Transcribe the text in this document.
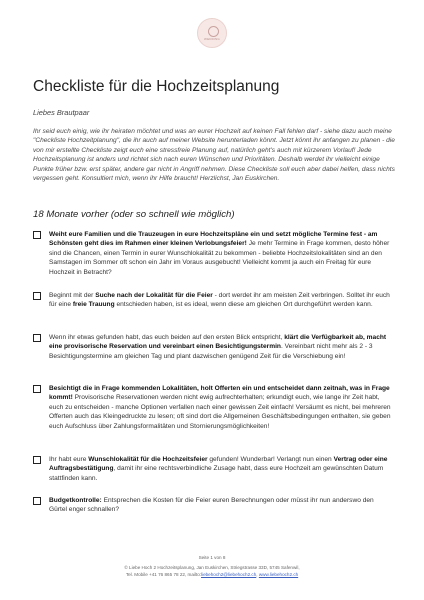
WEDDING
Checkliste für die Hochzeitsplanung
Liebes Brautpaar

Ihr seid euch einig, wie ihr heiraten möchtet und was an eurer Hochzeit auf keinen Fall fehlen darf - siehe dazu auch meine "Checkliste Hochzeitplanung", die ihr auch auf meiner Website herunterladen könnt. Jetzt könnt ihr anfangen zu planen - die von mir erstellte Checkliste zeigt euch eine stressfreie Planung auf, natürlich geht's auch mit kürzerem Vorlauf! Jede Hochzeitsplanung ist anders und richtet sich nach euren Wünschen und Prioritäten. Deshalb werdet ihr vielleicht einige Punkte früher bzw. erst später, andere gar nicht in Angriff nehmen. Diese Checkliste soll euch aber dabei helfen, dass nichts vergessen geht. Konsultiert mich, wenn ihr Hilfe braucht! Herzlichst, Jan Euskirchen.

18 Monate vorher (oder so schnell wie möglich)
Weiht eure Familien und die Trauzeugen in eure Hochzeitspläne ein und setzt mögliche Termine fest - am Schönsten geht dies im Rahmen einer kleinen Verlobungsfeier! Je mehr Termine in Frage kommen, desto höher sind die Chancen, einen Termin in eurer Wunschlokalität zu bekommen - beliebte Hochzeitslokalitäten sind an den Samstagen im Sommer oft schon ein Jahr im Voraus ausgebucht! Vielleicht kommt ja auch ein Freitag für eure Hochzeit in Betracht?
Beginnt mit der Suche nach der Lokalität für die Feier - dort werdet ihr am meisten Zeit verbringen. Solltet ihr euch für eine freie Trauung entschieden haben, ist es ideal, wenn diese am gleichen Ort durchgeführt werden kann.
Wenn ihr etwas gefunden habt, das euch beiden auf den ersten Blick entspricht, klärt die Verfügbarkeit ab, macht eine provisorische Reservation und vereinbart einen Besichtigungstermin. Vereinbart nicht mehr als 2 - 3 Besichtigungstermine am gleichen Tag und plant dazwischen genügend Zeit für die Verschiebung ein!
Besichtigt die in Frage kommenden Lokalitäten, holt Offerten ein und entscheidet dann zeitnah, was in Frage kommt! Provisorische Reservationen werden nicht ewig aufrechterhalten; erkundigt euch, wie lange ihr Zeit habt, euch zu entscheiden - manche Optionen verfallen nach einer gewissen Zeit einfach! Versäumt es nicht, bei mehreren Offerten auch das Kleingedruckte zu lesen; oft sind dort die Allgemeinen Geschäftsbedingungen enthalten, sie geben euch Aufschluss über Zahlungsformalitäten und Stornierungsmöglichkeiten!
Ihr habt eure Wunschlokalität für die Hochzeitsfeier gefunden! Wunderbar! Verlangt nun einen Vertrag oder eine Auftragsbestätigung, damit ihr eine rechtsverbindliche Zusage habt, dass eure Hochzeit am gewünschten Datum stattfinden kann.
Budgetkontrolle: Entsprechen die Kosten für die Feier euren Berechnungen oder müsst ihr nun anderswo den Gürtel enger schnallen?
Seite 1 von 8
© Liebe Hoch 2 Hochzeitsplanung, Jan Euskirchen, Striegstrasse 33D, 5745 Safenwil,
Tel. Mobile +41 76 865 78 22, mailto:liebehoch2@liebehoch2.ch, www.liebehoch2.ch
